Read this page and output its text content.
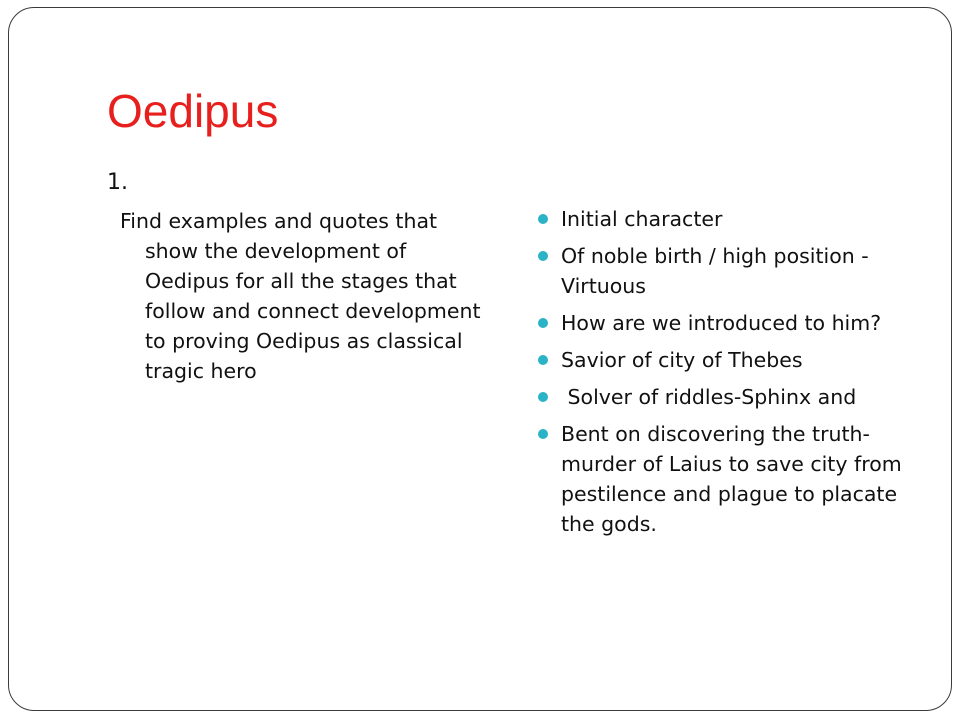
Oedipus

1.

Find examples and quotes that show the development of Oedipus for all the stages that follow and connect development to proving Oedipus as classical tragic hero

Initial character
Of noble birth / high position - Virtuous
How are we introduced to him?
Savior of city of Thebes
Solver of riddles-Sphinx and
Bent on discovering the truth- murder of Laius to save city from pestilence and plague to placate the gods.
